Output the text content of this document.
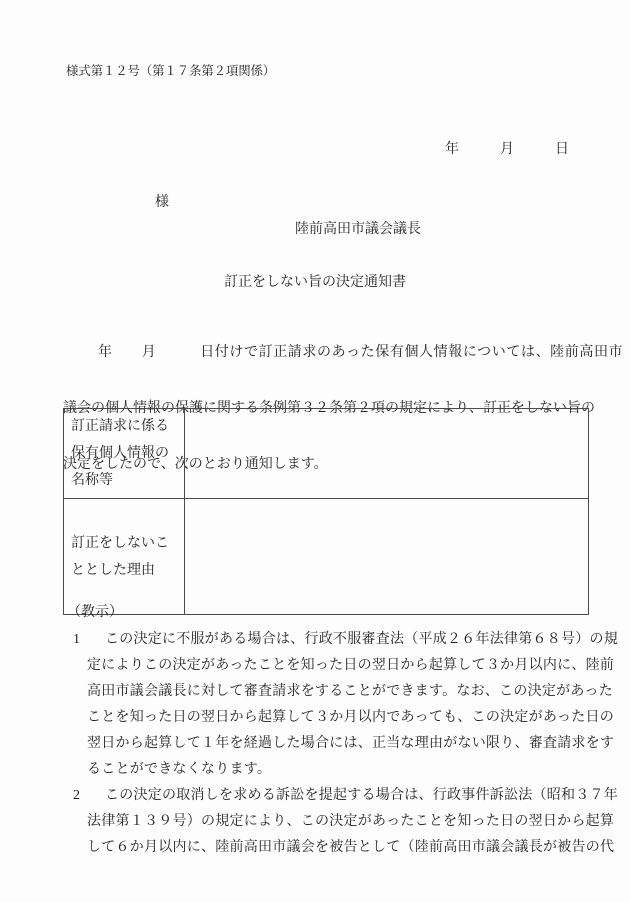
様式第１２号（第１７条第２項関係）
年	月	日
様
陸前高田市議会議長
訂正をしない旨の決定通知書

年　　月　　　日付けで訂正請求のあった保有個人情報については、陸前高田市

議会の個人情報の保護に関する条例第３２条第２項の規定により、訂正をしない旨の

決定をしたので、次のとおり通知します。

訂正請求に係る保有個人情報の名称等	
訂正をしないこととした理由	
（教示）
1
2
この決定に不服がある場合は、行政不服審査法（平成２６年法律第６８号）の規
定によりこの決定があったことを知った日の翌日から起算して３か月以内に、陸前
高田市議会議長に対して審査請求をすることができます。なお、この決定があった
ことを知った日の翌日から起算して３か月以内であっても、この決定があった日の
翌日から起算して１年を経過した場合には、正当な理由がない限り、審査請求をす
ることができなくなります。
この決定の取消しを求める訴訟を提起する場合は、行政事件訴訟法（昭和３７年
法律第１３９号）の規定により、この決定があったことを知った日の翌日から起算
して６か月以内に、陸前高田市議会を被告として（陸前高田市議会議長が被告の代
